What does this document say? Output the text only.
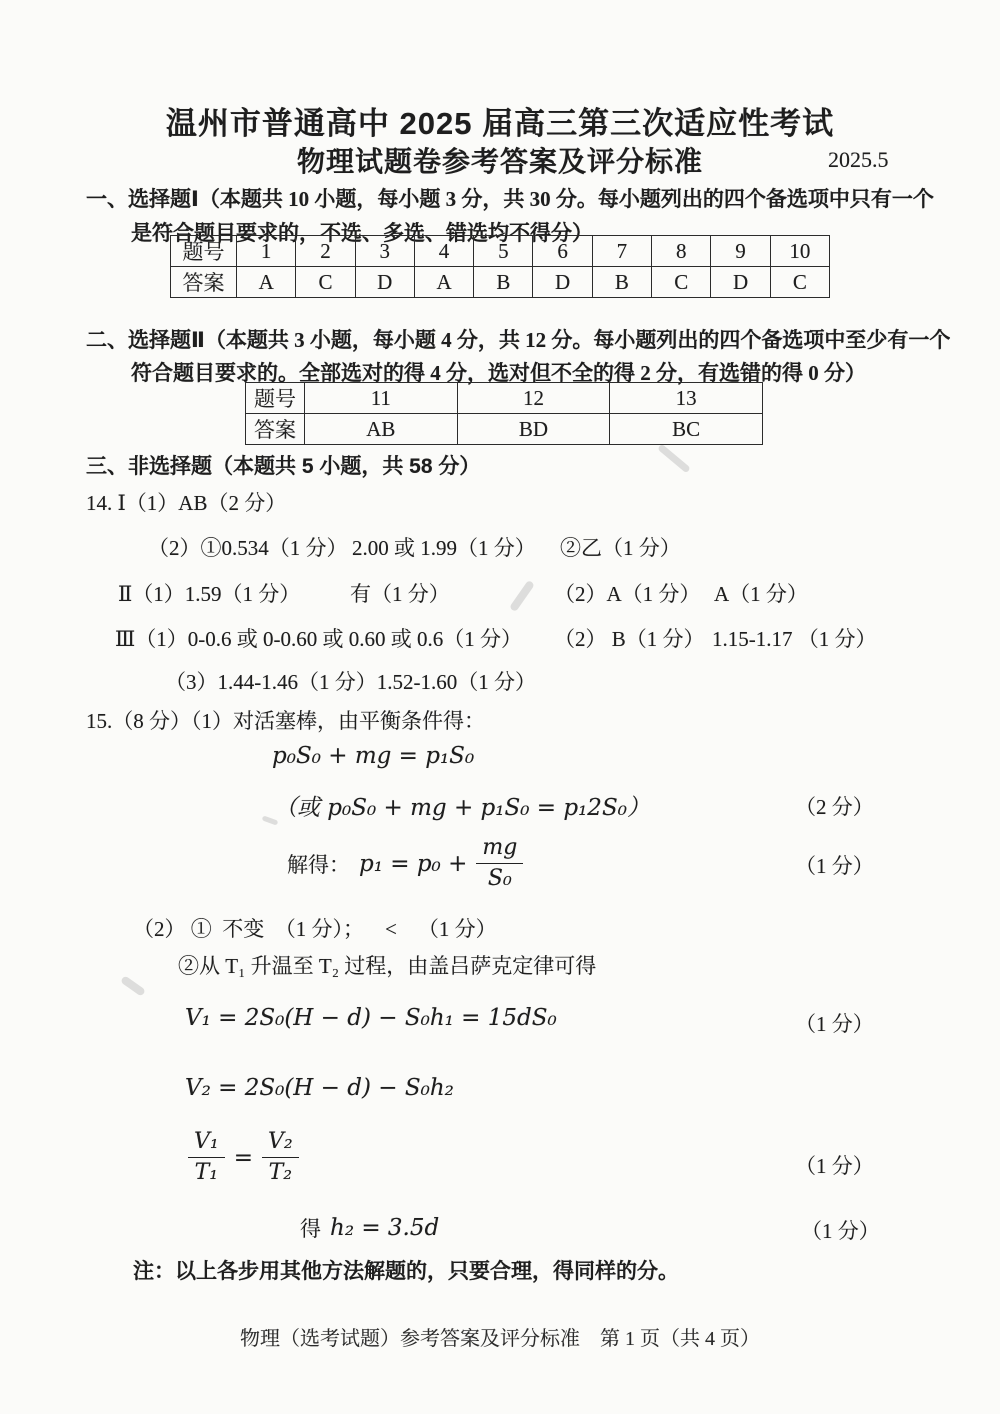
温州市普通高中 2025 届高三第三次适应性考试
物理试题卷参考答案及评分标准	2025.5
一、选择题Ⅰ（本题共 10 小题，每小题 3 分，共 30 分。每小题列出的四个备选项中只有一个
是符合题目要求的，不选、多选、错选均不得分）
题号	1	2	3	4	5	6	7	8	9	10
答案	A	C	D	A	B	D	B	C	D	C
二、选择题Ⅱ（本题共 3 小题，每小题 4 分，共 12 分。每小题列出的四个备选项中至少有一个
符合题目要求的。全部选对的得 4 分，选对但不全的得 2 分，有选错的得 0 分）
题号	11	12	13
答案	AB	BD	BC
三、非选择题（本题共 5 小题，共 58 分）
14. Ⅰ（1）AB（2 分）
（2）①0.534（1 分） 2.00 或 1.99（1 分） ②乙（1 分）
Ⅱ（1）1.59（1 分） 有（1 分）	（2）A（1 分） A（1 分）
Ⅲ（1）0-0.6 或 0-0.60 或 0.60 或 0.6（1 分） （2） B（1 分） 1.15-1.17 （1 分）
（3）1.44-1.46（1 分）1.52-1.60（1 分）
15.（8 分）（1）对活塞棒，由平衡条件得：
p₀S₀ + mg = p₁S₀
（或 p₀S₀ + mg + p₁S₀ = p₁2S₀）	（2 分）
解得： $p_1 = p_0 + \frac{mg}{\text{S₀}}$	（1 分）
（2） ①  不变  （1 分）；    <    （1 分）
②从 T₁ 升温至 T₂ 过程，由盖吕萨克定律可得
V₁ = 2S₀(H − d) − S₀h₁ = 15dS₀	（1 分）
V₂ = 2S₀(H − d) − S₀h₂
$\frac{\text{V₁}}{\text{T₁}} = \frac{\text{V₂}}{\text{T₂}}$	（1 分）
得 h₂ = 3.5d	（1 分）
注：以上各步用其他方法解题的，只要合理，得同样的分。
物理（选考试题）参考答案及评分标准　第 1 页（共 4 页）
